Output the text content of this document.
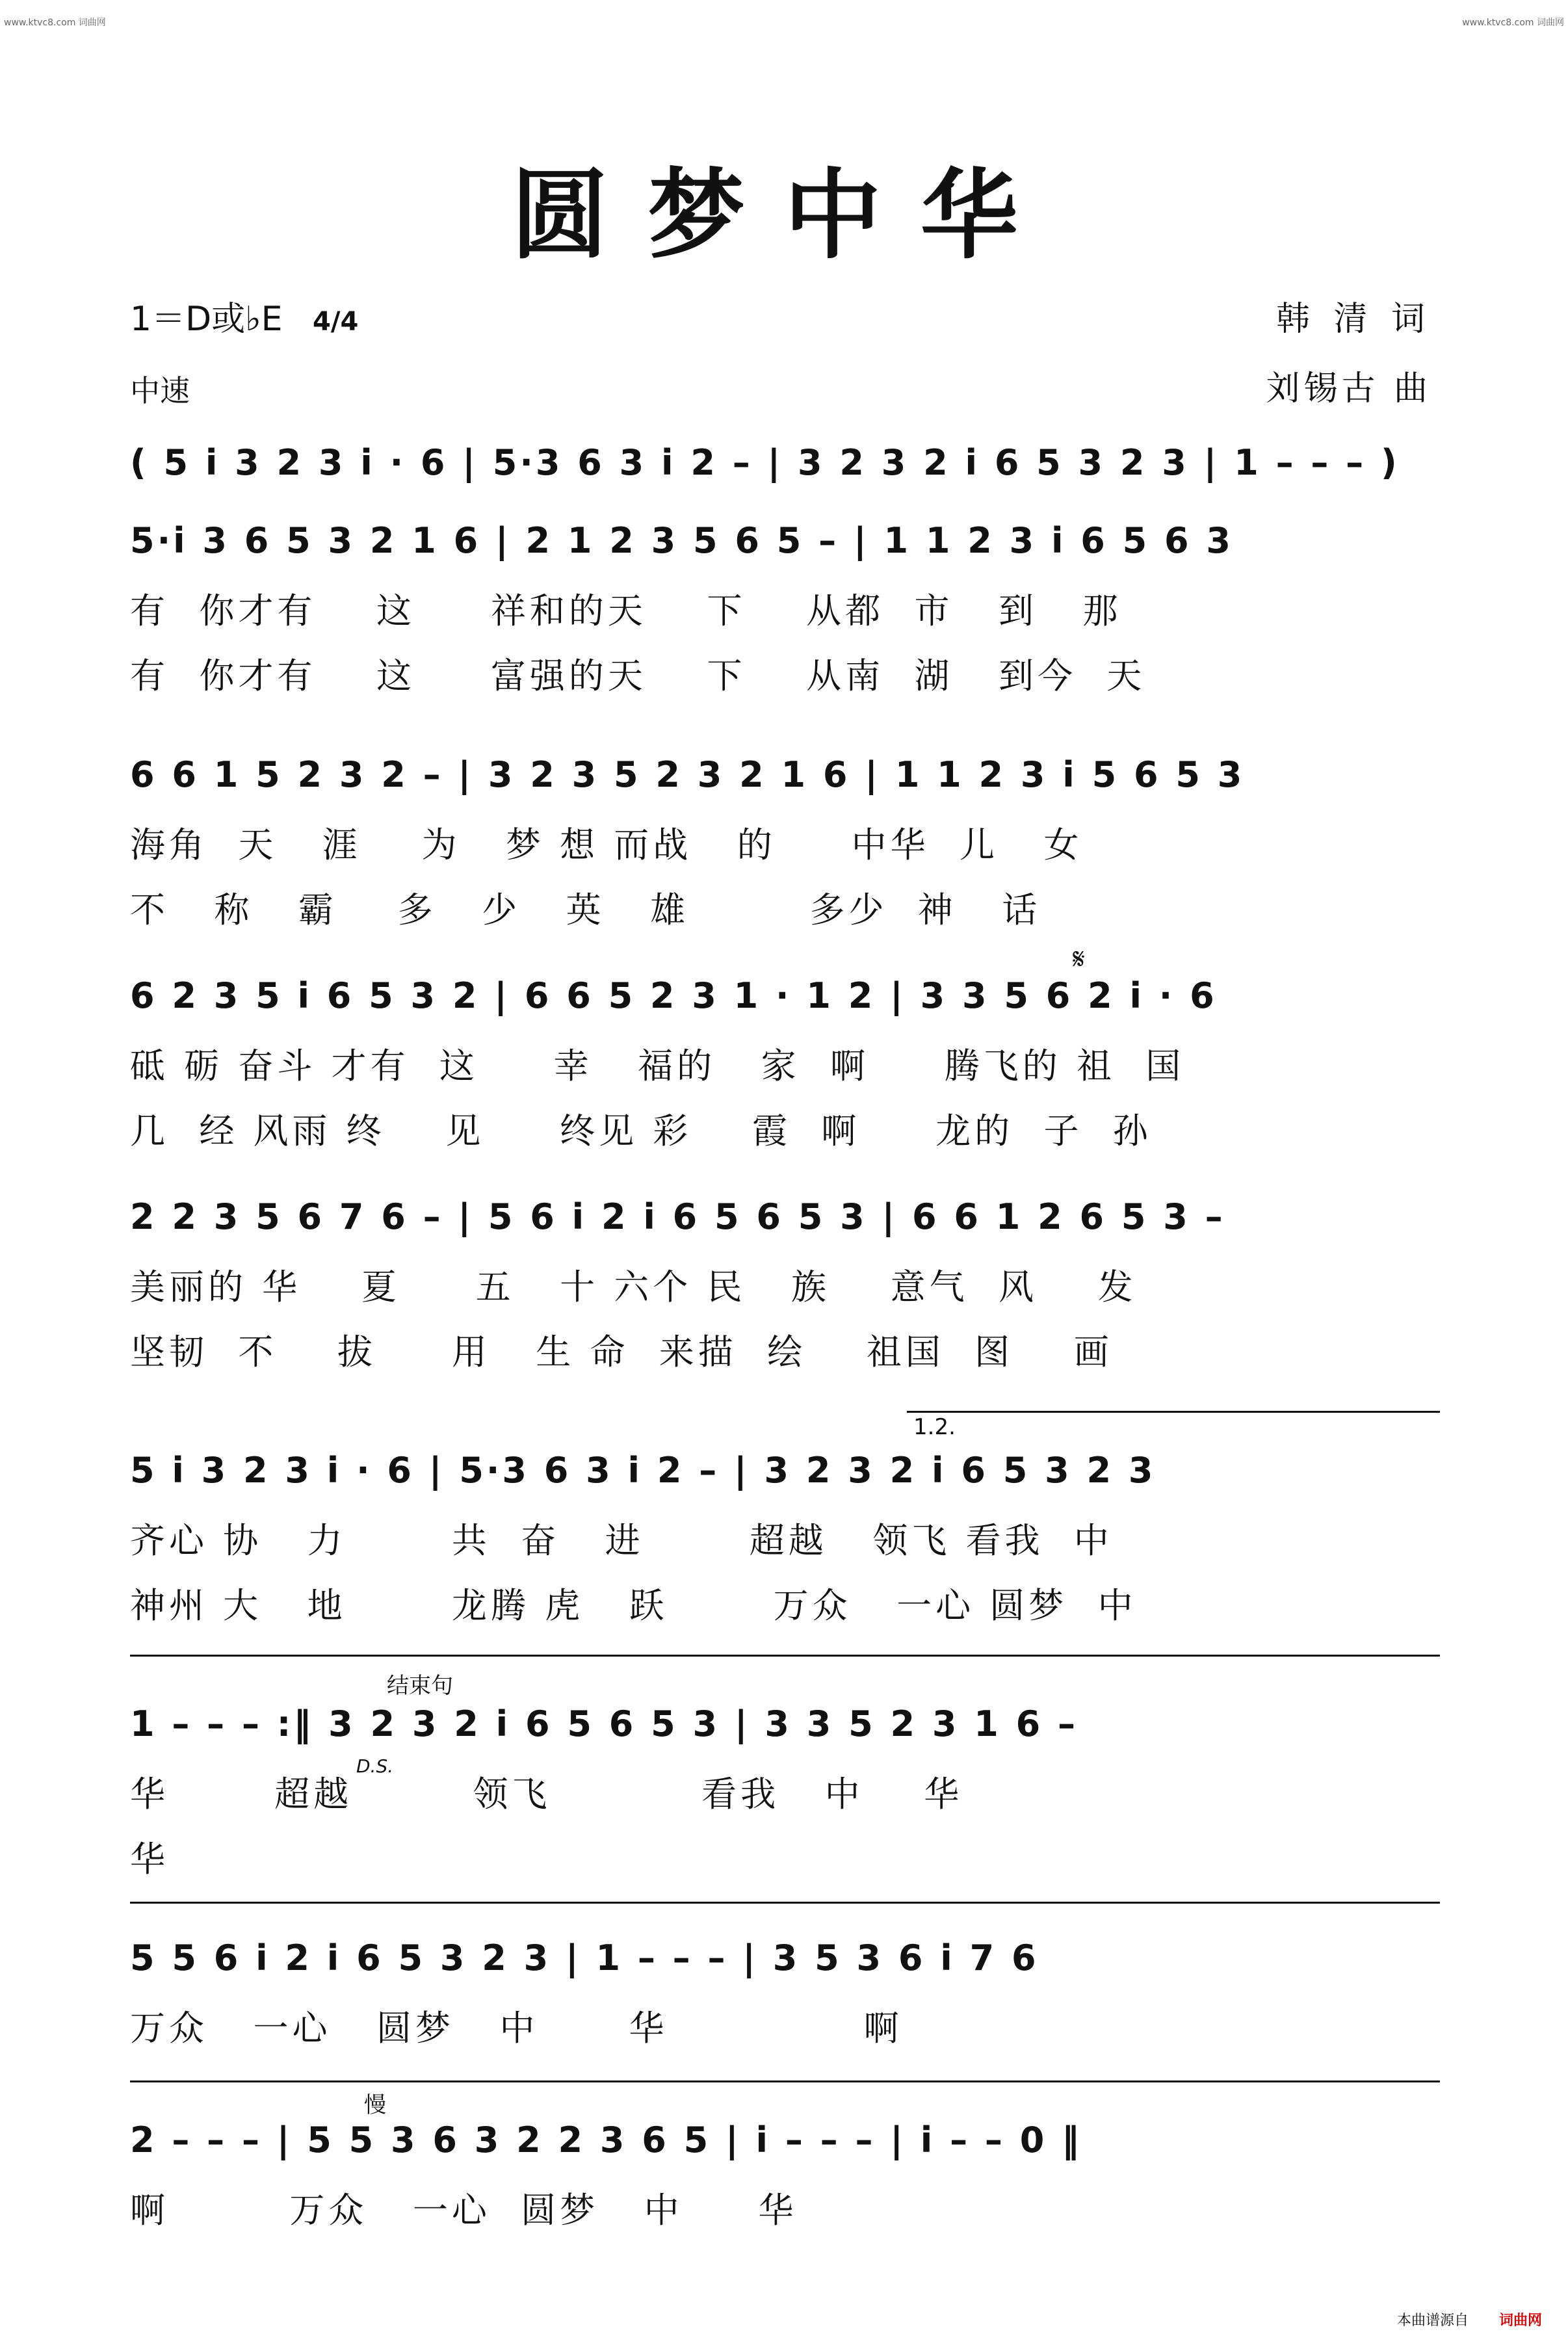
www.ktvc8.com 词曲网	www.ktvc8.com 词曲网
圆梦中华
1＝D或♭E 4/4
中速
韩 清 词
刘锡古 曲
( 5 i 3 2 3 i · 6 | 5·3 6 3 i 2 – | 3 2 3 2 i 6 5 3 2 3 | 1 – – – )
5·i 3 6 5 3 2 1 6 | 2 1 2 3 5 6 5 – | 1 1 2 3 i 6 5 6 3
有  你才有    这     祥和的天    下    从都  市   到   那
有  你才有    这     富强的天    下    从南  湖   到今  天
6 6 1 5 2 3 2 – | 3 2 3 5 2 3 2 1 6 | 1 1 2 3 i 5 6 5 3
海角  天   涯    为   梦 想 而战   的     中华  儿   女
不   称   霸    多   少   英   雄        多少  神   话
𝄋
6 2 3 5 i 6 5 3 2 | 6 6 5 2 3 1 · 1 2 | 3 3 5 6 2 i · 6
砥 砺 奋斗 才有  这     幸   福的   家  啊     腾飞的 祖  国
几  经 风雨 终    见     终见 彩    霞  啊     龙的  子  孙
2 2 3 5 6 7 6 – | 5 6 i 2 i 6 5 6 5 3 | 6 6 1 2 6 5 3 –
美丽的 华    夏     五   十 六个 民   族    意气  风    发
坚韧  不    拔     用   生 命  来描  绘    祖国  图    画
1.2.
5 i 3 2 3 i · 6 | 5·3 6 3 i 2 – | 3 2 3 2 i 6 5 3 2 3
齐心 协   力       共  奋   进       超越   领飞 看我  中
神州 大   地       龙腾 虎   跃       万众   一心 圆梦  中
结束句
D.S.
1 – – – :‖ 3 2 3 2 i 6 5 6 5 3 | 3 3 5 2 3 1 6 –
华       超越        领飞          看我   中    华
华
5 5 6 i 2 i 6 5 3 2 3 | 1 – – – | 3 5 3 6 i 7 6
万众   一心   圆梦   中      华             啊
慢
2 – – – | 5 5 3 6 3 2 2 3 6 5 | i – – – | i – – 0 ‖
啊        万众   一心  圆梦   中     华
本曲谱源自 词曲网
